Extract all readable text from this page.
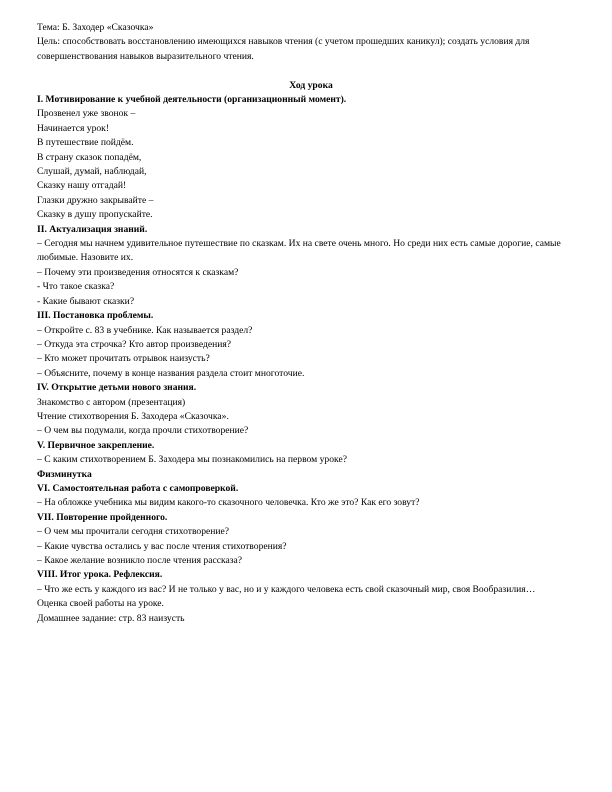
Тема: Б. Заходер «Сказочка»
Цель: способствовать восстановлению имеющихся навыков чтения (с учетом прошедших каникул); создать условия для совершенствования навыков выразительного чтения.
Ход урока
I. Мотивирование к учебной деятельности (организационный момент).
Прозвенел уже звонок –
Начинается урок!
В путешествие пойдём.
В страну сказок попадём,
Слушай, думай, наблюдай,
Сказку нашу отгадай!
Глазки дружно закрывайте –
Сказку в душу пропускайте.
II. Актуализация знаний.
– Сегодня мы начнем удивительное путешествие по сказкам. Их на свете очень много. Но среди них есть самые дорогие, самые любимые. Назовите их.
– Почему эти произведения относятся к сказкам?
- Что такое сказка?
- Какие бывают сказки?
III. Постановка проблемы.
– Откройте с. 83 в учебнике. Как называется раздел?
– Откуда эта строчка? Кто автор произведения?
– Кто может прочитать отрывок наизусть?
– Объясните, почему в конце названия раздела стоит многоточие.
IV. Открытие детьми нового знания.
Знакомство с автором (презентация)
Чтение стихотворения Б. Заходера «Сказочка».
– О чем вы подумали, когда прочли стихотворение?
V. Первичное закрепление.
– С каким стихотворением Б. Заходера мы познакомились на первом уроке?
Физминутка
VI. Самостоятельная работа с самопроверкой.
– На обложке учебника мы видим какого-то сказочного человечка. Кто же это? Как его зовут?
VII. Повторение пройденного.
– О чем мы прочитали сегодня стихотворение?
– Какие чувства остались у вас после чтения стихотворения?
– Какое желание возникло после чтения рассказа?
VIII. Итог урока. Рефлексия.
– Что же есть у каждого из вас? И не только у вас, но и у каждого человека есть свой сказочный мир, своя Вообразилия…
Оценка своей работы на уроке.
Домашнее задание: стр. 83 наизусть
